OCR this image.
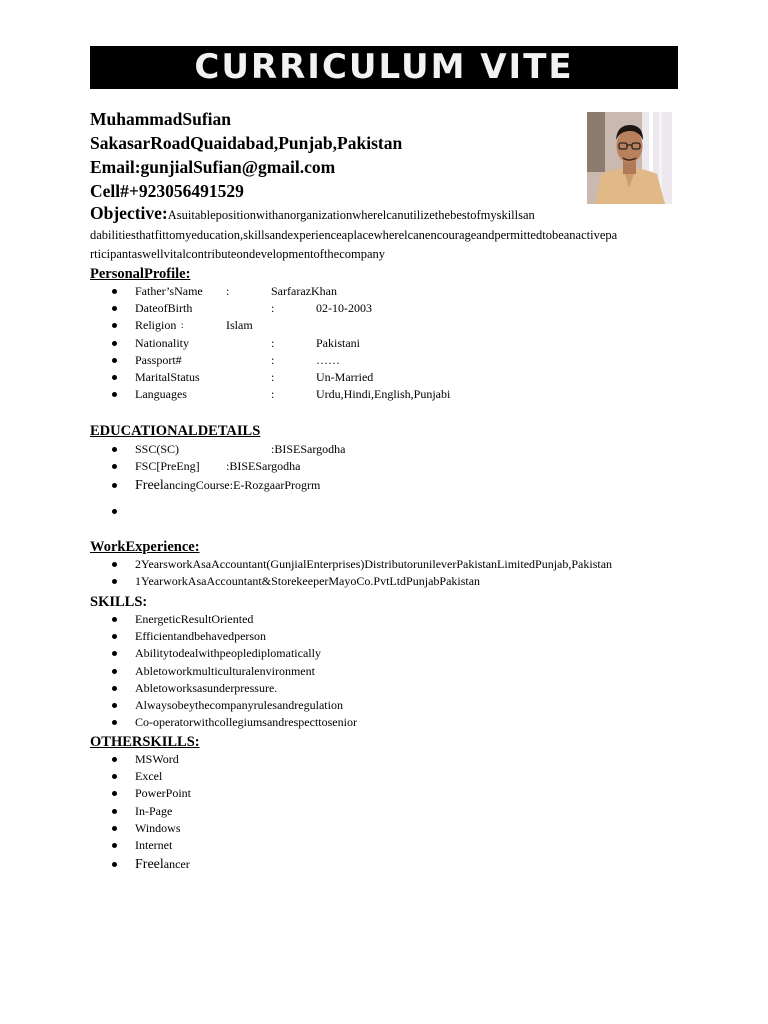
CURRICULUM VITE
MuhammadSufian
SakasarRoadQuaidabad,Punjab,Pakistan
Email:gunjialSufian@gmail.com
Cell#+923056491529
Objective:Asuitablepositionwithanorganizationwherelcanutilizethebestofmyskillsan
dabilitiesthatfittomyeducation,skillsandexperienceaplacewherelcanencourageandpermittedtobeanactivepa
rticipantaswellvitalcontributeondevelopmentofthecompany
PersonalProfile:
Father’sName :	SarfarazKhan
DateofBirth	:	02-10-2003
Religion :	Islam
Nationality	:	Pakistani
Passport#	:	……
MaritalStatus	:	Un-Married
Languages	:	Urdu,Hindi,English,Punjabi
EDUCATIONALDETAILS
SSC(SC)	:BISESargodha
FSC[PreEng] :BISESargodha
FreelancingCourse:E-RozgaarProgrm
WorkExperience:
2YearsworkAsaAccountant(GunjialEnterprises)DistributorunileverPakistanLimitedPunjab,Pakistan
1YearworkAsaAccountant&StorekeeperMayoCo.PvtLtdPunjabPakistan
SKILLS:
EnergeticResultOriented
Efficientandbehavedperson
Abilitytodealwithpeoplediplomatically
Abletoworkmulticulturalenvironment
Abletoworksasunderpressure.
Alwaysobeythecompanyrulesandregulation
Co-operatorwithcollegiumsandrespecttosenior
OTHERSKILLS:
MSWord
Excel
PowerPoint
In-Page
Windows
Internet
Freelancer
